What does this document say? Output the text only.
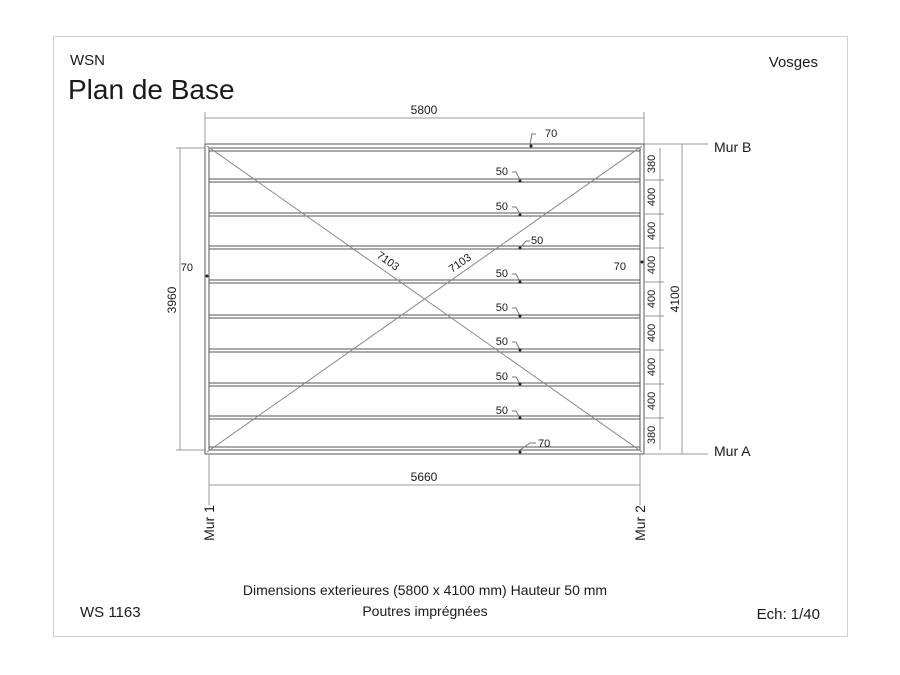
WSN
Plan de Base
Vosges
5800
5660
3960	4100
7103	7103
70	70
70
70
50
50
50
50
50
50
50
50
380
400
400
400
400
400
400
400
380
Mur B
Mur A
Mur 1	Mur 2
Dimensions exterieures (5800 x 4100 mm) Hauteur 50 mm
Poutres imprégnées
WS 1163	Ech: 1/40
